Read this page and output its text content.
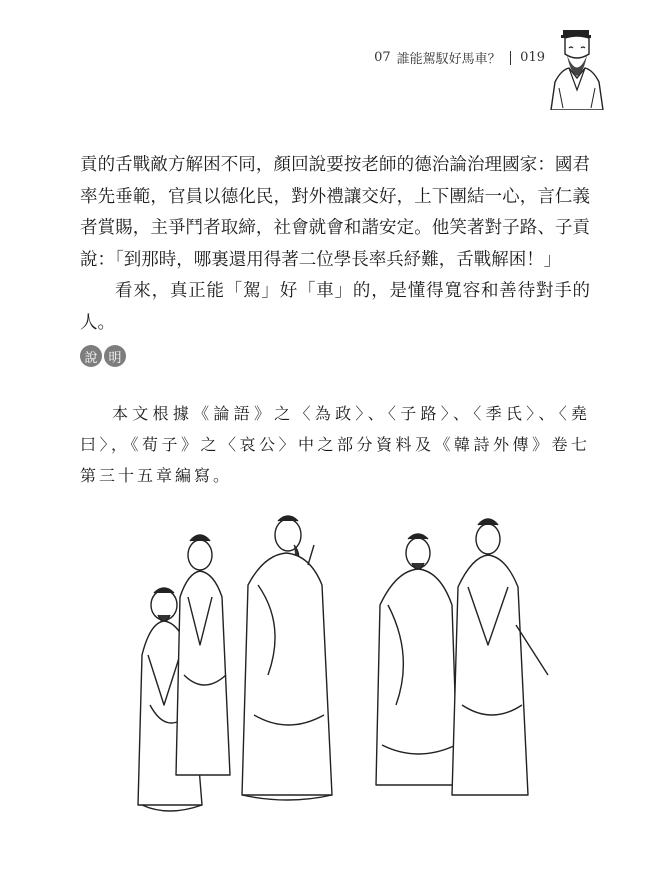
07 誰能駕馭好馬車？ 019

貢的舌戰敵方解困不同，顏回說要按老師的德治論治理國家：國君率先垂範，官員以德化民，對外禮讓交好，上下團結一心，言仁義者賞賜，主爭鬥者取締，社會就會和諧安定。他笑著對子路、子貢說：「到那時，哪裏還用得著二位學長率兵紓難，舌戰解困！」

看來，真正能「駕」好「車」的，是懂得寬容和善待對手的人。

說 明

本文根據《論語》之〈為政〉、〈子路〉、〈季氏〉、〈堯曰〉，《荀子》之〈哀公〉中之部分資料及《韓詩外傳》卷七第三十五章編寫。
